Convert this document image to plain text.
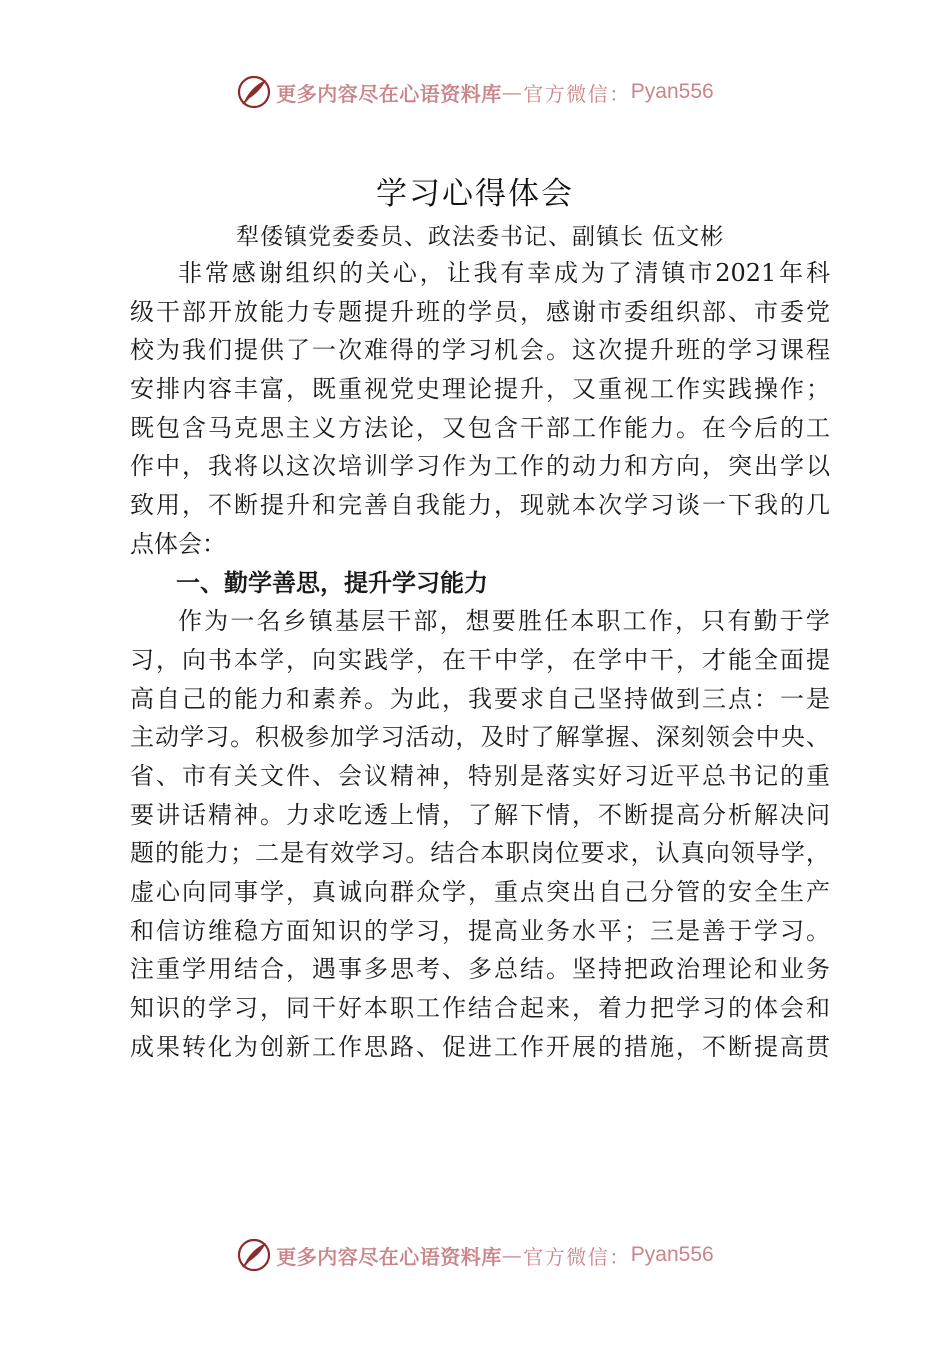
更多内容尽在心语资料库 — 官方微信： Pyan556
学习心得体会
犁倭镇党委委员、政法委书记、副镇长 伍文彬
非 常 感 谢 组 织 的 关 心 ， 让 我 有 幸 成 为 了 清 镇 市 2021 年 科
级 干 部 开 放 能 力 专 题 提 升 班 的 学 员 ， 感 谢 市 委 组 织 部 、 市 委 党
校 为 我 们 提 供 了 一 次 难 得 的 学 习 机 会 。 这 次 提 升 班 的 学 习 课 程
安 排 内 容 丰 富 ， 既 重 视 党 史 理 论 提 升 ， 又 重 视 工 作 实 践 操 作 ；
既 包 含 马 克 思 主 义 方 法 论 ， 又 包 含 干 部 工 作 能 力 。 在 今 后 的 工
作 中 ， 我 将 以 这 次 培 训 学 习 作 为 工 作 的 动 力 和 方 向 ， 突 出 学 以
致 用 ， 不 断 提 升 和 完 善 自 我 能 力 ， 现 就 本 次 学 习 谈 一 下 我 的 几
点 体 会 ：
一、勤学善思，提升学习能力
作 为 一 名 乡 镇 基 层 干 部 ， 想 要 胜 任 本 职 工 作 ， 只 有 勤 于 学
习 ， 向 书 本 学 ， 向 实 践 学 ， 在 干 中 学 ， 在 学 中 干 ， 才 能 全 面 提
高 自 己 的 能 力 和 素 养 。 为 此 ， 我 要 求 自 己 坚 持 做 到 三 点 ： 一 是
主 动 学 习 。 积 极 参 加 学 习 活 动 ， 及 时 了 解 掌 握 、 深 刻 领 会 中 央 、
省 、 市 有 关 文 件 、 会 议 精 神 ， 特 别 是 落 实 好 习 近 平 总 书 记 的 重
要 讲 话 精 神 。 力 求 吃 透 上 情 ， 了 解 下 情 ， 不 断 提 高 分 析 解 决 问
题 的 能 力 ； 二 是 有 效 学 习 。 结 合 本 职 岗 位 要 求 ， 认 真 向 领 导 学 ，
虚 心 向 同 事 学 ， 真 诚 向 群 众 学 ， 重 点 突 出 自 己 分 管 的 安 全 生 产
和 信 访 维 稳 方 面 知 识 的 学 习 ， 提 高 业 务 水 平 ； 三 是 善 于 学 习 。
注 重 学 用 结 合 ， 遇 事 多 思 考 、 多 总 结 。 坚 持 把 政 治 理 论 和 业 务
知 识 的 学 习 ， 同 干 好 本 职 工 作 结 合 起 来 ， 着 力 把 学 习 的 体 会 和
成 果 转 化 为 创 新 工 作 思 路 、 促 进 工 作 开 展 的 措 施 ， 不 断 提 高 贯
更多内容尽在心语资料库 — 官方微信： Pyan556
